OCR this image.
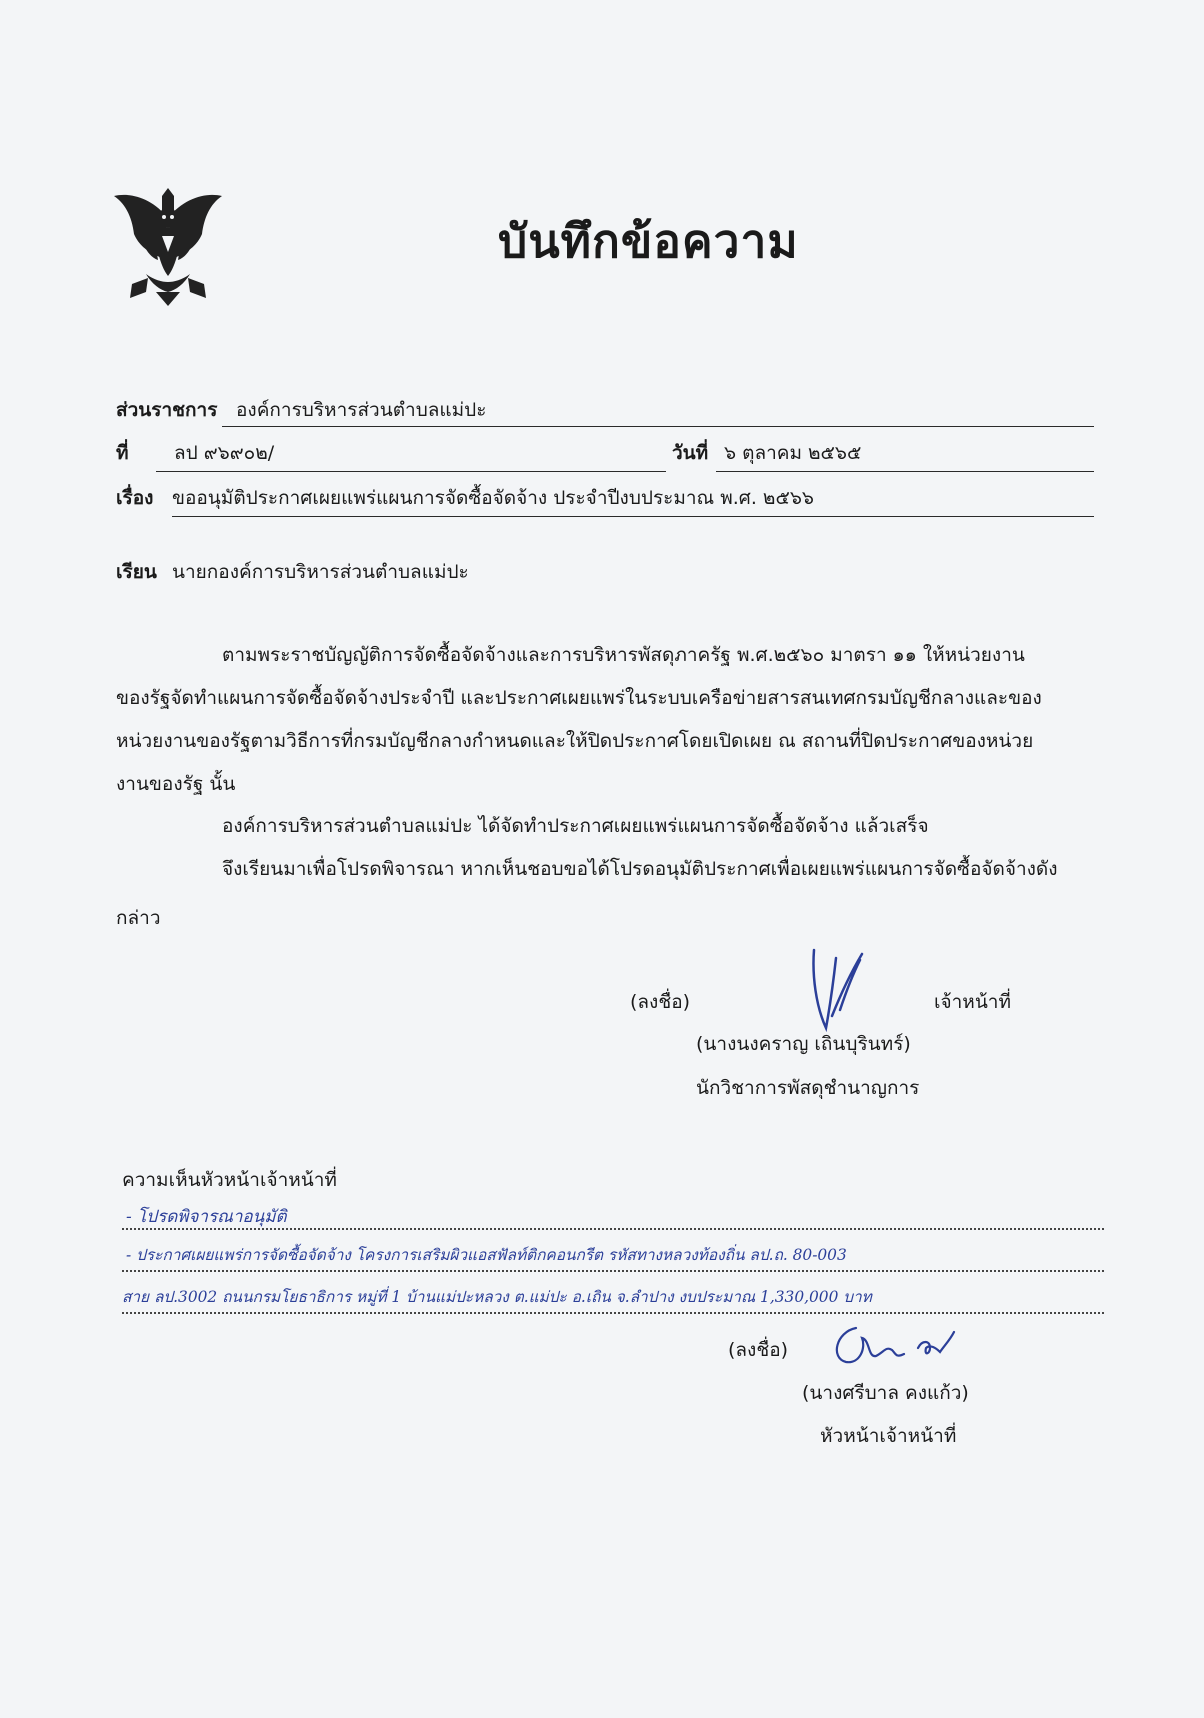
บันทึกข้อความ
ส่วนราชการ องค์การบริหารส่วนตำบลแม่ปะ
ที่ ลป ๙๖๙๐๒/	วันที่ ๖ ตุลาคม ๒๕๖๕
เรื่อง ขออนุมัติประกาศเผยแพร่แผนการจัดซื้อจัดจ้าง ประจำปีงบประมาณ พ.ศ. ๒๕๖๖
เรียน นายกองค์การบริหารส่วนตำบลแม่ปะ
ตามพระราชบัญญัติการจัดซื้อจัดจ้างและการบริหารพัสดุภาครัฐ พ.ศ.๒๕๖๐ มาตรา ๑๑ ให้หน่วยงาน
ของรัฐจัดทำแผนการจัดซื้อจัดจ้างประจำปี และประกาศเผยแพร่ในระบบเครือข่ายสารสนเทศกรมบัญชีกลางและของ
หน่วยงานของรัฐตามวิธีการที่กรมบัญชีกลางกำหนดและให้ปิดประกาศโดยเปิดเผย ณ สถานที่ปิดประกาศของหน่วย
งานของรัฐ นั้น
องค์การบริหารส่วนตำบลแม่ปะ ได้จัดทำประกาศเผยแพร่แผนการจัดซื้อจัดจ้าง แล้วเสร็จ
จึงเรียนมาเพื่อโปรดพิจารณา หากเห็นชอบขอได้โปรดอนุมัติประกาศเพื่อเผยแพร่แผนการจัดซื้อจัดจ้างดัง
กล่าว
(ลงชื่อ)	เจ้าหน้าที่
(นางนงคราญ เถินบุรินทร์)
นักวิชาการพัสดุชำนาญการ
ความเห็นหัวหน้าเจ้าหน้าที่
- โปรดพิจารณาอนุมัติ
- ประกาศเผยแพร่การจัดซื้อจัดจ้าง โครงการเสริมผิวแอสฟัลท์ติกคอนกรีต รหัสทางหลวงท้องถิ่น ลป.ถ. 80-003
สาย ลป.3002 ถนนกรมโยธาธิการ หมู่ที่ 1 บ้านแม่ปะหลวง ต.แม่ปะ อ.เถิน จ.ลำปาง งบประมาณ 1,330,000 บาท
(ลงชื่อ)
(นางศรีบาล คงแก้ว)
หัวหน้าเจ้าหน้าที่
